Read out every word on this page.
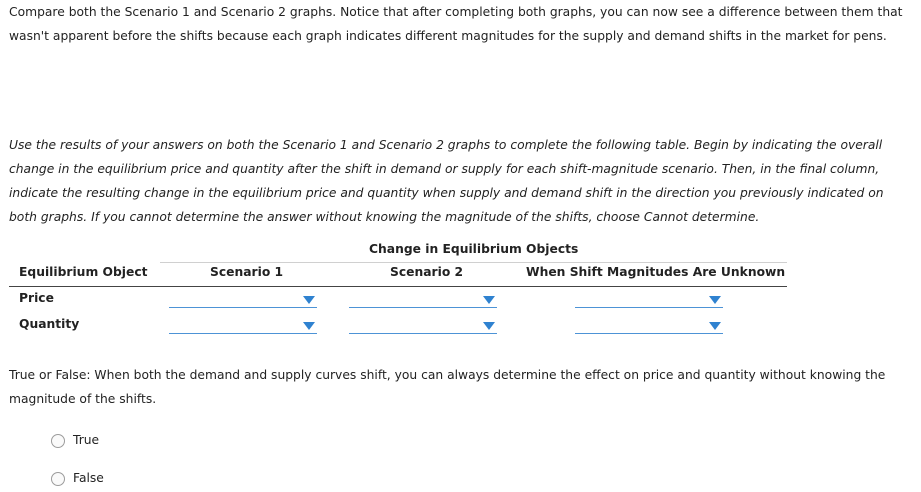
Compare both the Scenario 1 and Scenario 2 graphs. Notice that after completing both graphs, you can now see a difference between them that wasn't apparent before the shifts because each graph indicates different magnitudes for the supply and demand shifts in the market for pens.

Use the results of your answers on both the Scenario 1 and Scenario 2 graphs to complete the following table. Begin by indicating the overall change in the equilibrium price and quantity after the shift in demand or supply for each shift-magnitude scenario. Then, in the final column, indicate the resulting change in the equilibrium price and quantity when supply and demand shift in the direction you previously indicated on both graphs. If you cannot determine the answer without knowing the magnitude of the shifts, choose Cannot determine.

Change in Equilibrium Objects
Equilibrium Object	Scenario 1	Scenario 2	When Shift Magnitudes Are Unknown
Price
Quantity

True or False: When both the demand and supply curves shift, you can always determine the effect on price and quantity without knowing the magnitude of the shifts.

True
False
